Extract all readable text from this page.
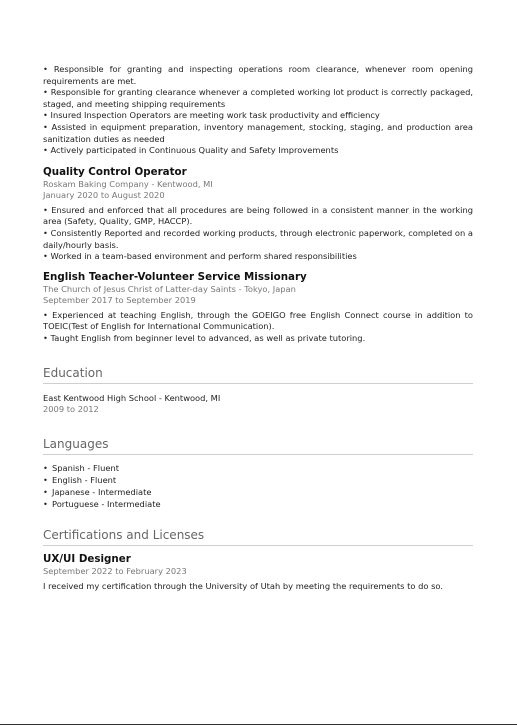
• Responsible for granting and inspecting operations room clearance, whenever room opening requirements are met.
• Responsible for granting clearance whenever a completed working lot product is correctly packaged, staged, and meeting shipping requirements
• Insured Inspection Operators are meeting work task productivity and efficiency
• Assisted in equipment preparation, inventory management, stocking, staging, and production area sanitization duties as needed
• Actively participated in Continuous Quality and Safety Improvements
Quality Control Operator
Roskam Baking Company - Kentwood, MI
January 2020 to August 2020
• Ensured and enforced that all procedures are being followed in a consistent manner in the working area (Safety, Quality, GMP, HACCP).
• Consistently Reported and recorded working products, through electronic paperwork, completed on a daily/hourly basis.
• Worked in a team-based environment and perform shared responsibilities
English Teacher-Volunteer Service Missionary
The Church of Jesus Christ of Latter-day Saints - Tokyo, Japan
September 2017 to September 2019
• Experienced at teaching English, through the GOEIGO free English Connect course in addition to TOEIC(Test of English for International Communication).
• Taught English from beginner level to advanced, as well as private tutoring.
Education
East Kentwood High School - Kentwood, MI
2009 to 2012
Languages
• Spanish - Fluent
• English - Fluent
• Japanese - Intermediate
• Portuguese - Intermediate
Certifications and Licenses
UX/UI Designer
September 2022 to February 2023
I received my certification through the University of Utah by meeting the requirements to do so.
